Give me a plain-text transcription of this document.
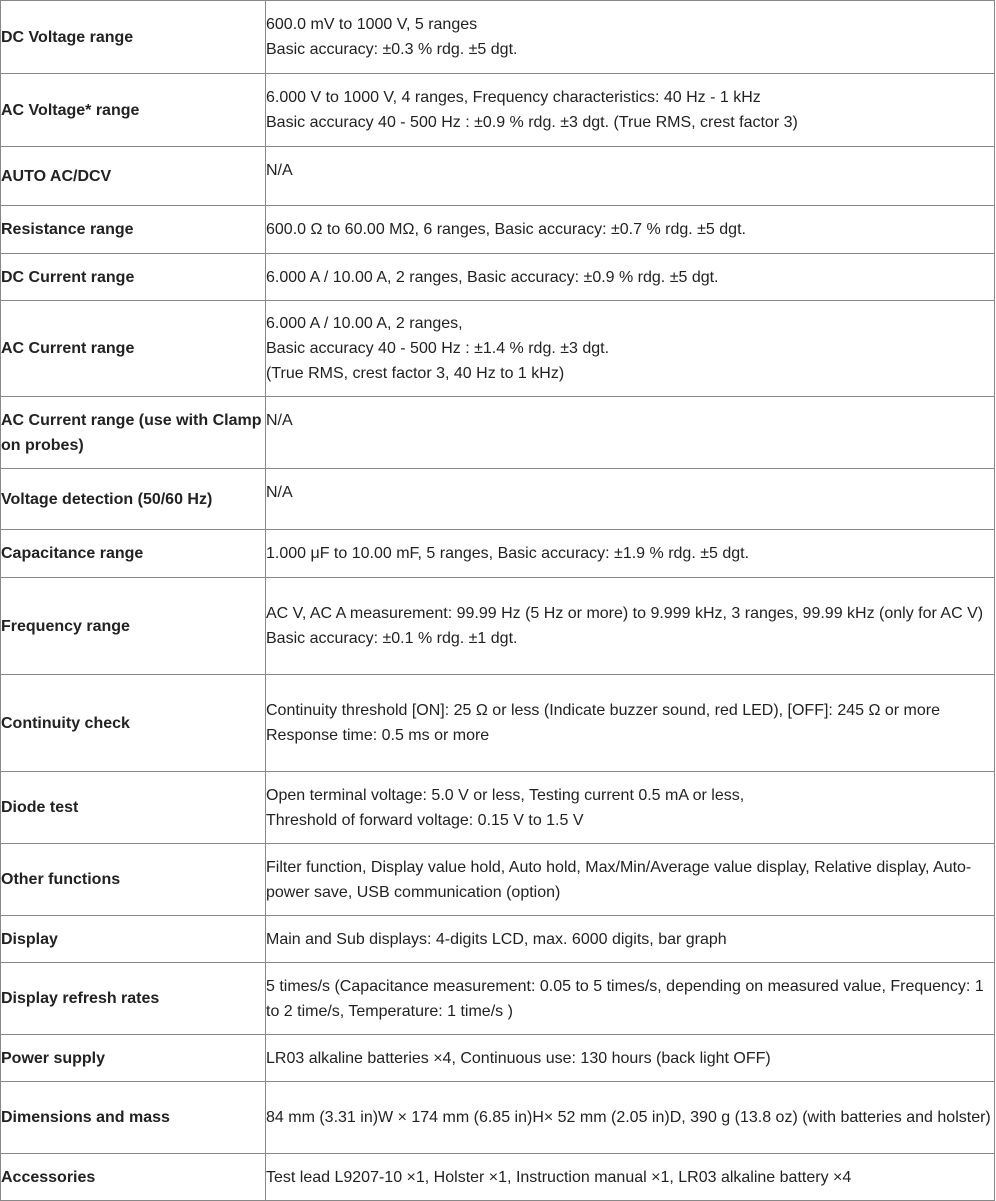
DC Voltage range	600.0 mV to 1000 V, 5 ranges
Basic accuracy: ±0.3 % rdg. ±5 dgt.

AC Voltage* range	6.000 V to 1000 V, 4 ranges, Frequency characteristics: 40 Hz - 1 kHz
Basic accuracy 40 - 500 Hz : ±0.9 % rdg. ±3 dgt. (True RMS, crest factor 3)

AUTO AC/DCV	N/A

Resistance range	600.0 Ω to 60.00 MΩ, 6 ranges, Basic accuracy: ±0.7 % rdg. ±5 dgt.

DC Current range	6.000 A / 10.00 A, 2 ranges, Basic accuracy: ±0.9 % rdg. ±5 dgt.

AC Current range	6.000 A / 10.00 A, 2 ranges,
Basic accuracy 40 - 500 Hz : ±1.4 % rdg. ±3 dgt.
(True RMS, crest factor 3, 40 Hz to 1 kHz)

AC Current range (use with Clamp on probes)	N/A

Voltage detection (50/60 Hz)	N/A

Capacitance range	1.000 μF to 10.00 mF, 5 ranges, Basic accuracy: ±1.9 % rdg. ±5 dgt.

Frequency range	AC V, AC A measurement: 99.99 Hz (5 Hz or more) to 9.999 kHz, 3 ranges, 99.99 kHz (only for AC V)
Basic accuracy: ±0.1 % rdg. ±1 dgt.

Continuity check	Continuity threshold [ON]: 25 Ω or less (Indicate buzzer sound, red LED), [OFF]: 245 Ω or more
Response time: 0.5 ms or more

Diode test	Open terminal voltage: 5.0 V or less, Testing current 0.5 mA or less,
Threshold of forward voltage: 0.15 V to 1.5 V

Other functions	Filter function, Display value hold, Auto hold, Max/Min/Average value display, Relative display, Auto-power save, USB communication (option)

Display	Main and Sub displays: 4-digits LCD, max. 6000 digits, bar graph

Display refresh rates	5 times/s (Capacitance measurement: 0.05 to 5 times/s, depending on measured value, Frequency: 1 to 2 time/s, Temperature: 1 time/s )

Power supply	LR03 alkaline batteries ×4, Continuous use: 130 hours (back light OFF)

Dimensions and mass	84 mm (3.31 in)W × 174 mm (6.85 in)H× 52 mm (2.05 in)D, 390 g (13.8 oz) (with batteries and holster)

Accessories	Test lead L9207-10 ×1, Holster ×1, Instruction manual ×1, LR03 alkaline battery ×4
